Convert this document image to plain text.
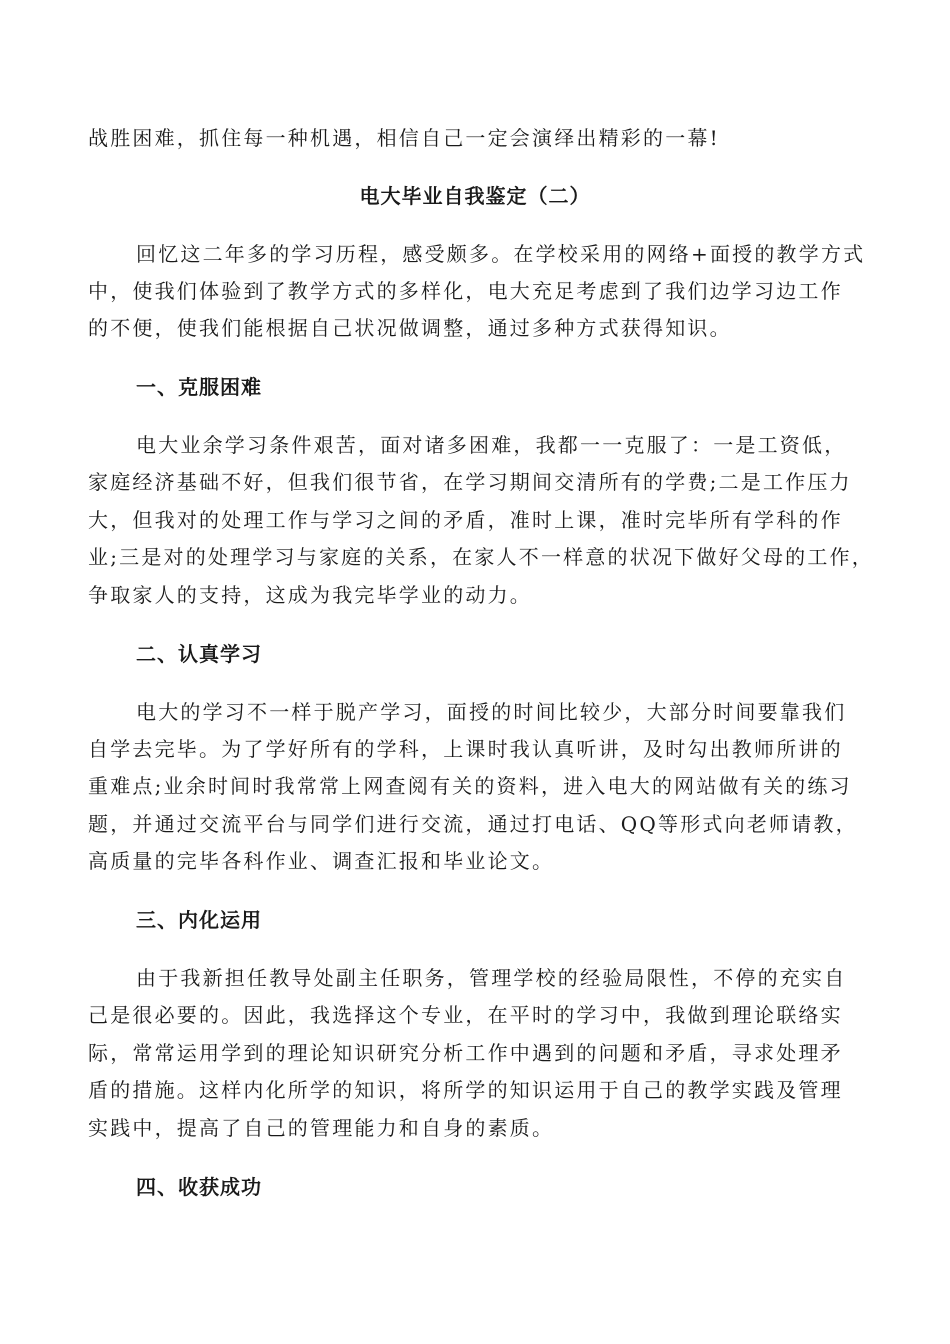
战胜困难，抓住每一种机遇，相信自己一定会演绎出精彩的一幕!
电大毕业自我鉴定（二）
回忆这二年多的学习历程，感受颇多。在学校采用的网络+面授的教学方式
中，使我们体验到了教学方式的多样化，电大充足考虑到了我们边学习边工作
的不便，使我们能根据自己状况做调整，通过多种方式获得知识。
一、克服困难
电大业余学习条件艰苦，面对诸多困难，我都一一克服了：一是工资低，
家庭经济基础不好，但我们很节省，在学习期间交清所有的学费;二是工作压力
大，但我对的处理工作与学习之间的矛盾，准时上课，准时完毕所有学科的作
业;三是对的处理学习与家庭的关系，在家人不一样意的状况下做好父母的工作，
争取家人的支持，这成为我完毕学业的动力。
二、认真学习
电大的学习不一样于脱产学习，面授的时间比较少，大部分时间要靠我们
自学去完毕。为了学好所有的学科，上课时我认真听讲，及时勾出教师所讲的
重难点;业余时间时我常常上网查阅有关的资料，进入电大的网站做有关的练习
题，并通过交流平台与同学们进行交流，通过打电话、QQ等形式向老师请教，
高质量的完毕各科作业、调查汇报和毕业论文。
三、内化运用
由于我新担任教导处副主任职务，管理学校的经验局限性，不停的充实自
己是很必要的。因此，我选择这个专业，在平时的学习中，我做到理论联络实
际，常常运用学到的理论知识研究分析工作中遇到的问题和矛盾，寻求处理矛
盾的措施。这样内化所学的知识，将所学的知识运用于自己的教学实践及管理
实践中，提高了自己的管理能力和自身的素质。
四、收获成功
